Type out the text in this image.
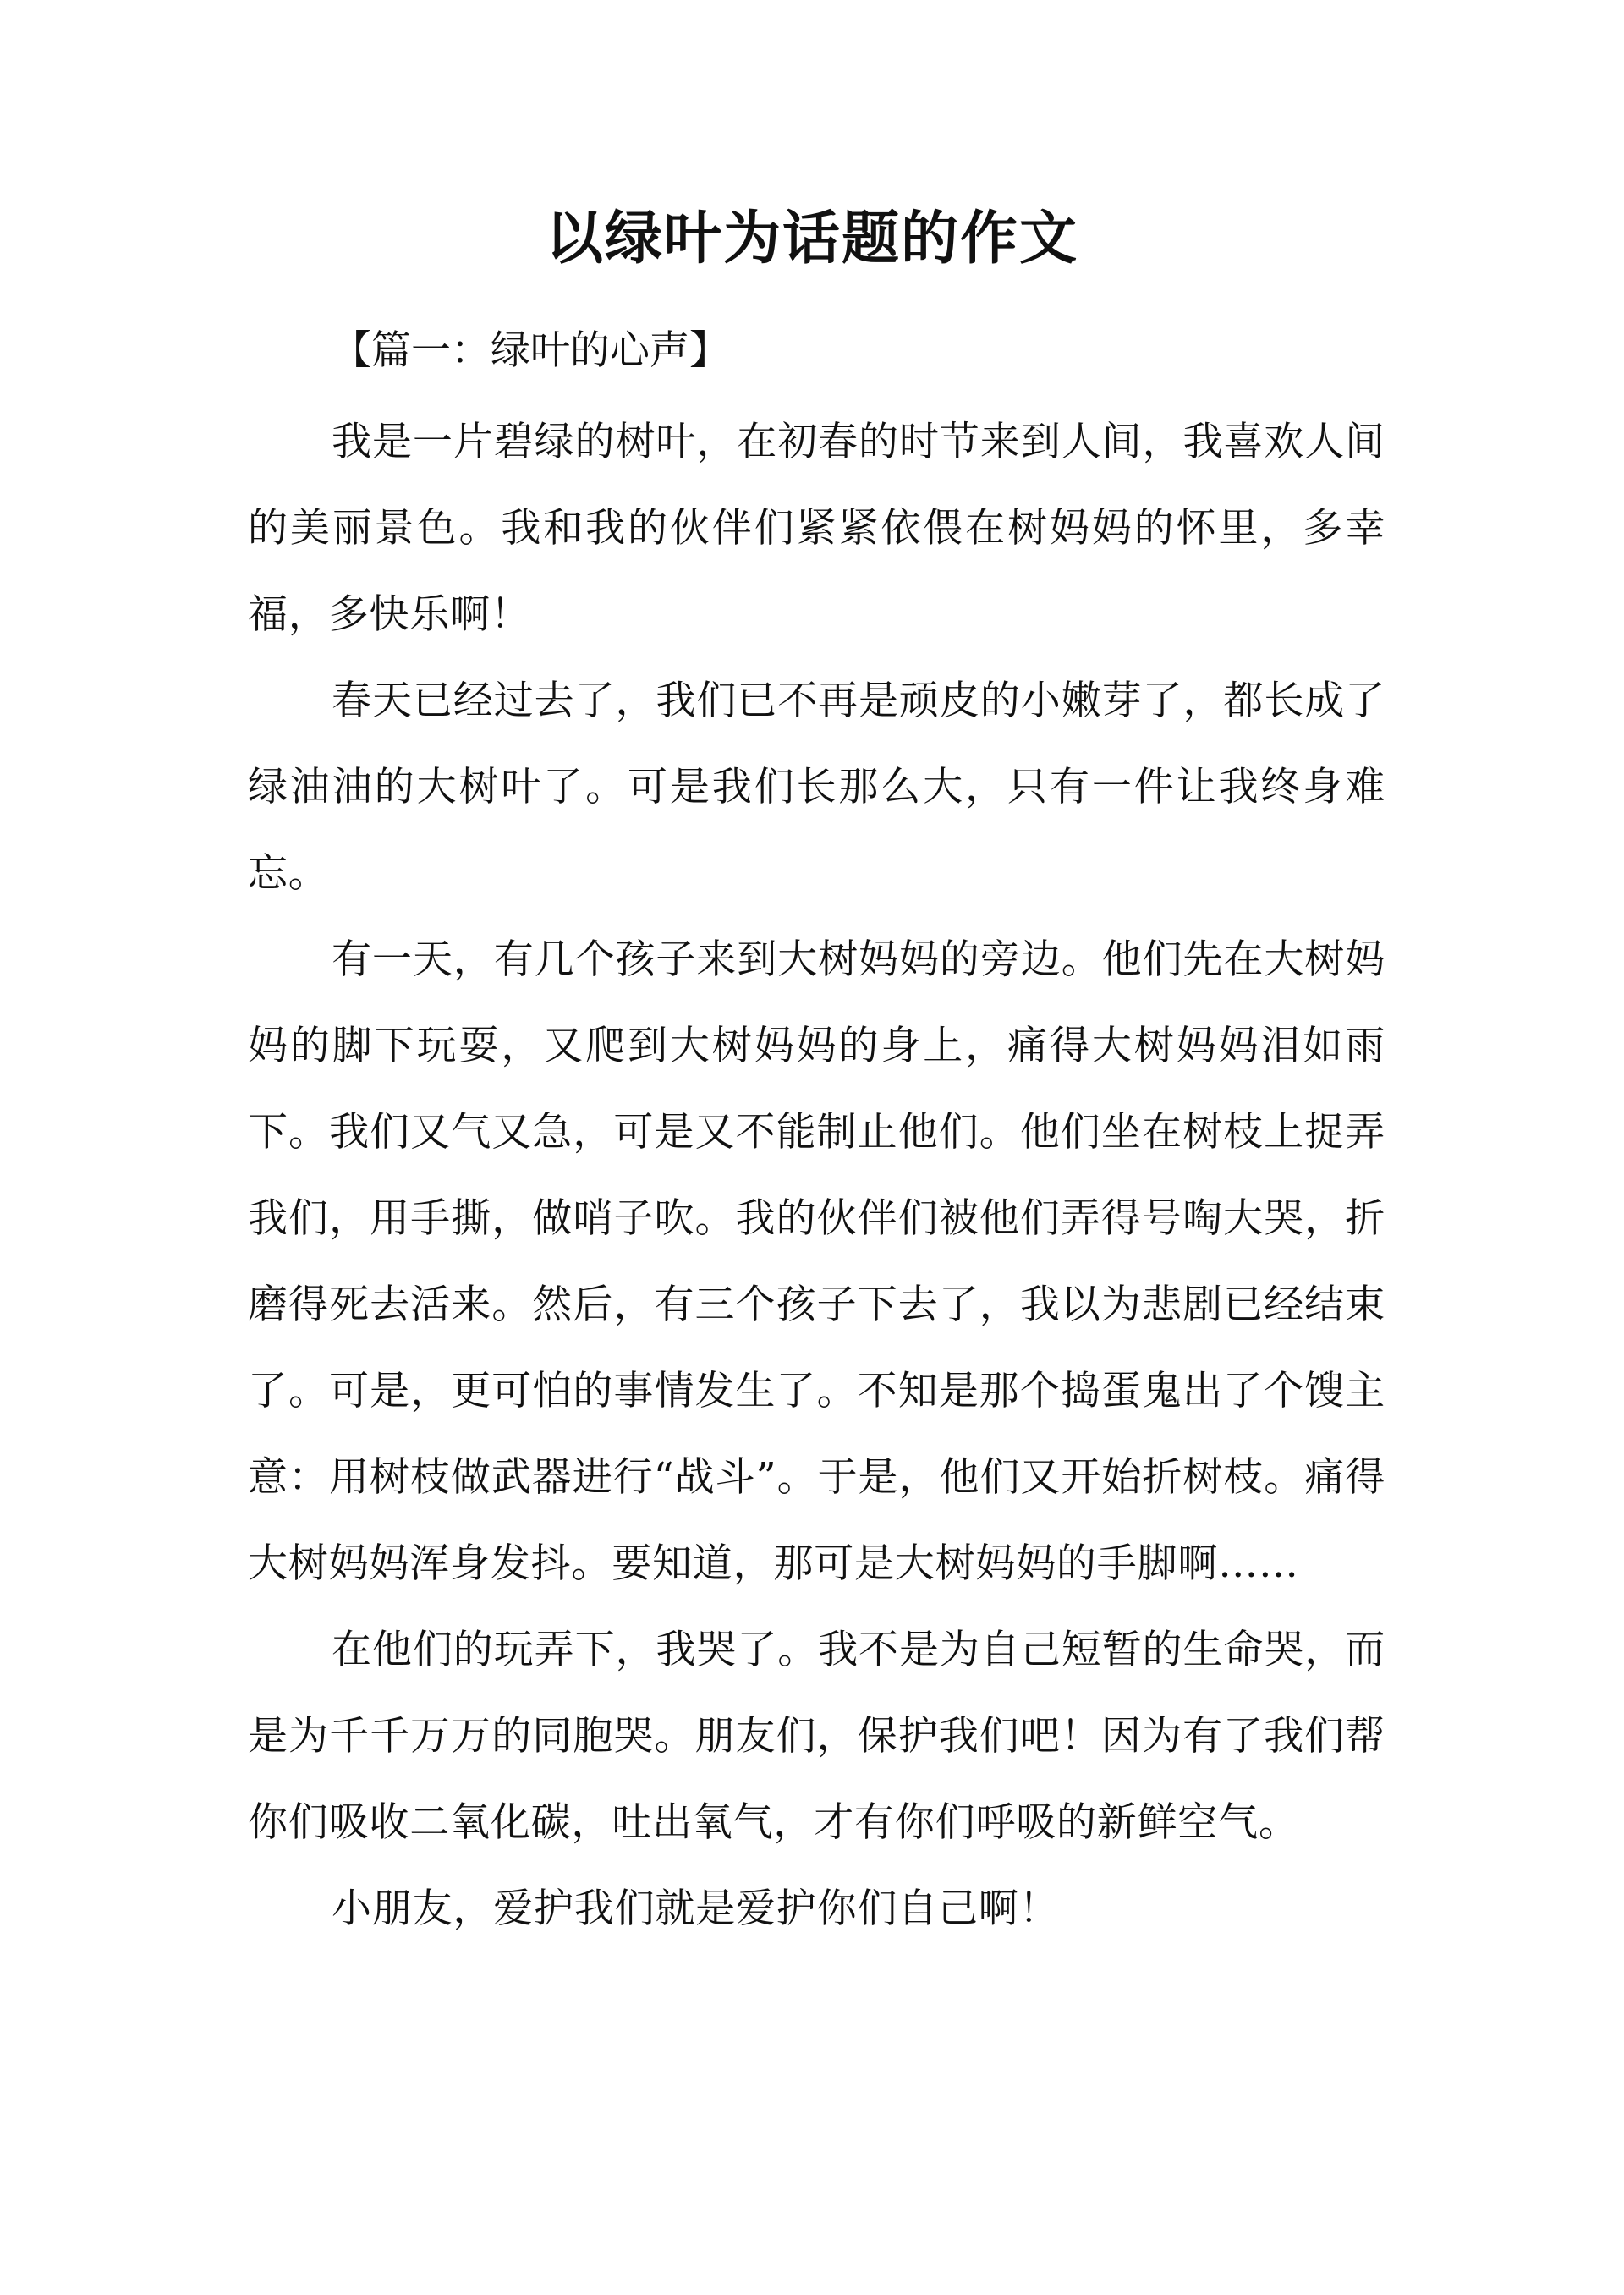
以绿叶为话题的作文
【篇一：绿叶的心声】

我是一片碧绿的树叶，在初春的时节来到人间，我喜欢人间的美丽景色。我和我的伙伴们紧紧依偎在树妈妈的怀里，多幸福，多快乐啊！

春天已经过去了，我们已不再是顽皮的小嫩芽了，都长成了绿油油的大树叶了。可是我们长那么大，只有一件让我终身难忘。

有一天，有几个孩子来到大树妈妈的旁边。他们先在大树妈妈的脚下玩耍，又爬到大树妈妈的身上，痛得大树妈妈泪如雨下。我们又气又急，可是又不能制止他们。他们坐在树枝上捉弄我们，用手撕，做哨子吹。我的伙伴们被他们弄得号啕大哭，折磨得死去活来。然后，有三个孩子下去了，我以为悲剧已经结束了。可是，更可怕的事情发生了。不知是那个捣蛋鬼出了个馊主意：用树枝做武器进行“战斗”。于是，他们又开始折树枝。痛得大树妈妈浑身发抖。要知道，那可是大树妈妈的手脚啊……

在他们的玩弄下，我哭了。我不是为自己短暂的生命哭，而是为千千万万的同胞哭。朋友们，保护我们吧！因为有了我们帮你们吸收二氧化碳，吐出氧气，才有你们呼吸的新鲜空气。

小朋友，爱护我们就是爱护你们自己啊！
